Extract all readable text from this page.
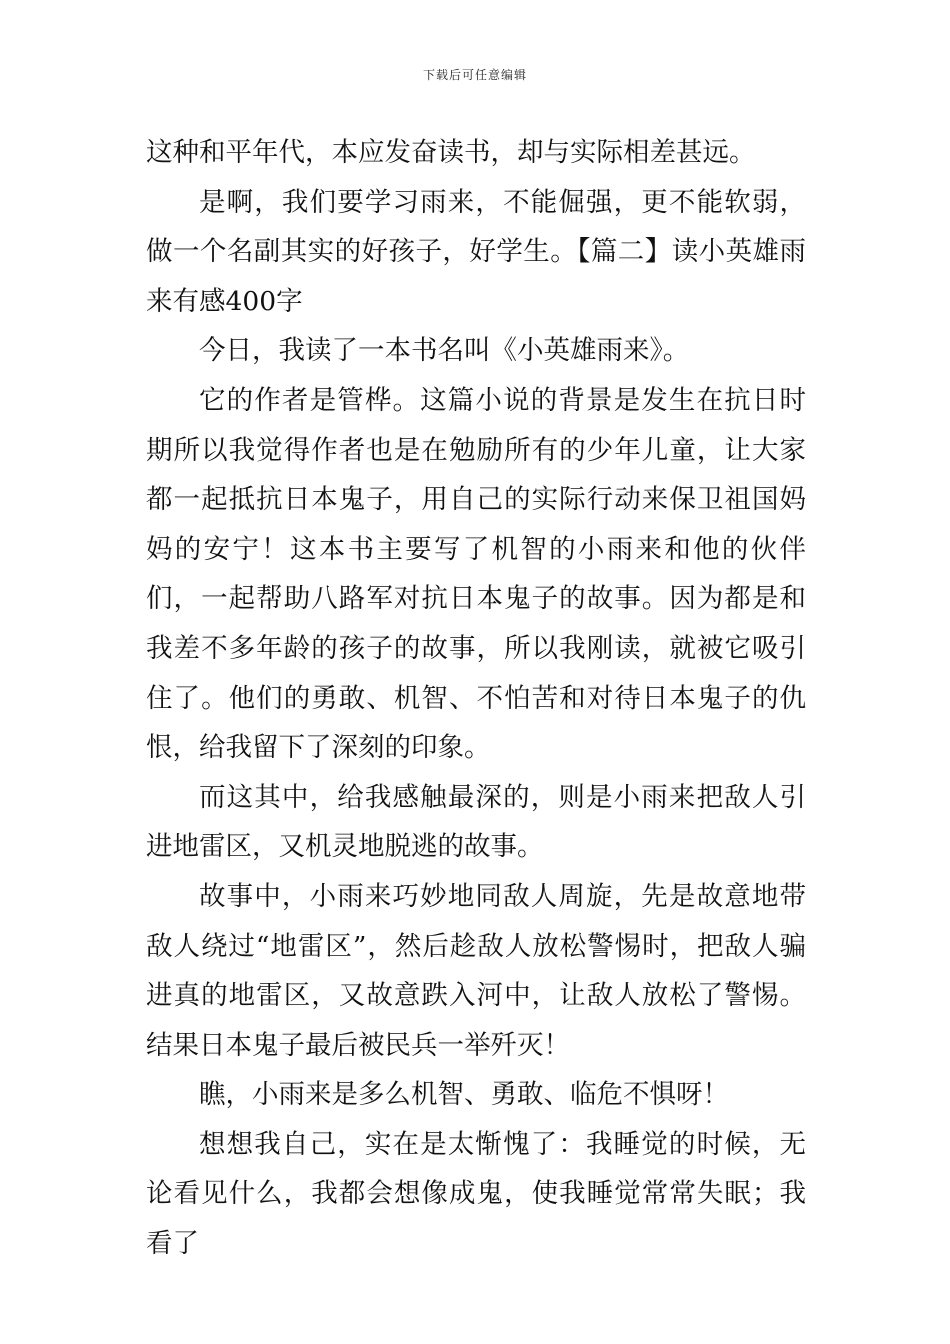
下载后可任意编辑

这种和平年代，本应发奋读书，却与实际相差甚远。

是啊，我们要学习雨来，不能倔强，更不能软弱，做一个名副其实的好孩子，好学生。【篇二】读小英雄雨来有感400字

今日，我读了一本书名叫《小英雄雨来》。

它的作者是管桦。这篇小说的背景是发生在抗日时期所以我觉得作者也是在勉励所有的少年儿童，让大家都一起抵抗日本鬼子，用自己的实际行动来保卫祖国妈妈的安宁！这本书主要写了机智的小雨来和他的伙伴们，一起帮助八路军对抗日本鬼子的故事。因为都是和我差不多年龄的孩子的故事，所以我刚读，就被它吸引住了。他们的勇敢、机智、不怕苦和对待日本鬼子的仇恨，给我留下了深刻的印象。

而这其中，给我感触最深的，则是小雨来把敌人引进地雷区，又机灵地脱逃的故事。

故事中，小雨来巧妙地同敌人周旋，先是故意地带敌人绕过“地雷区”，然后趁敌人放松警惕时，把敌人骗进真的地雷区，又故意跌入河中，让敌人放松了警惕。结果日本鬼子最后被民兵一举歼灭！

瞧，小雨来是多么机智、勇敢、临危不惧呀！

想想我自己，实在是太惭愧了：我睡觉的时候，无论看见什么，我都会想像成鬼，使我睡觉常常失眠；我看了
